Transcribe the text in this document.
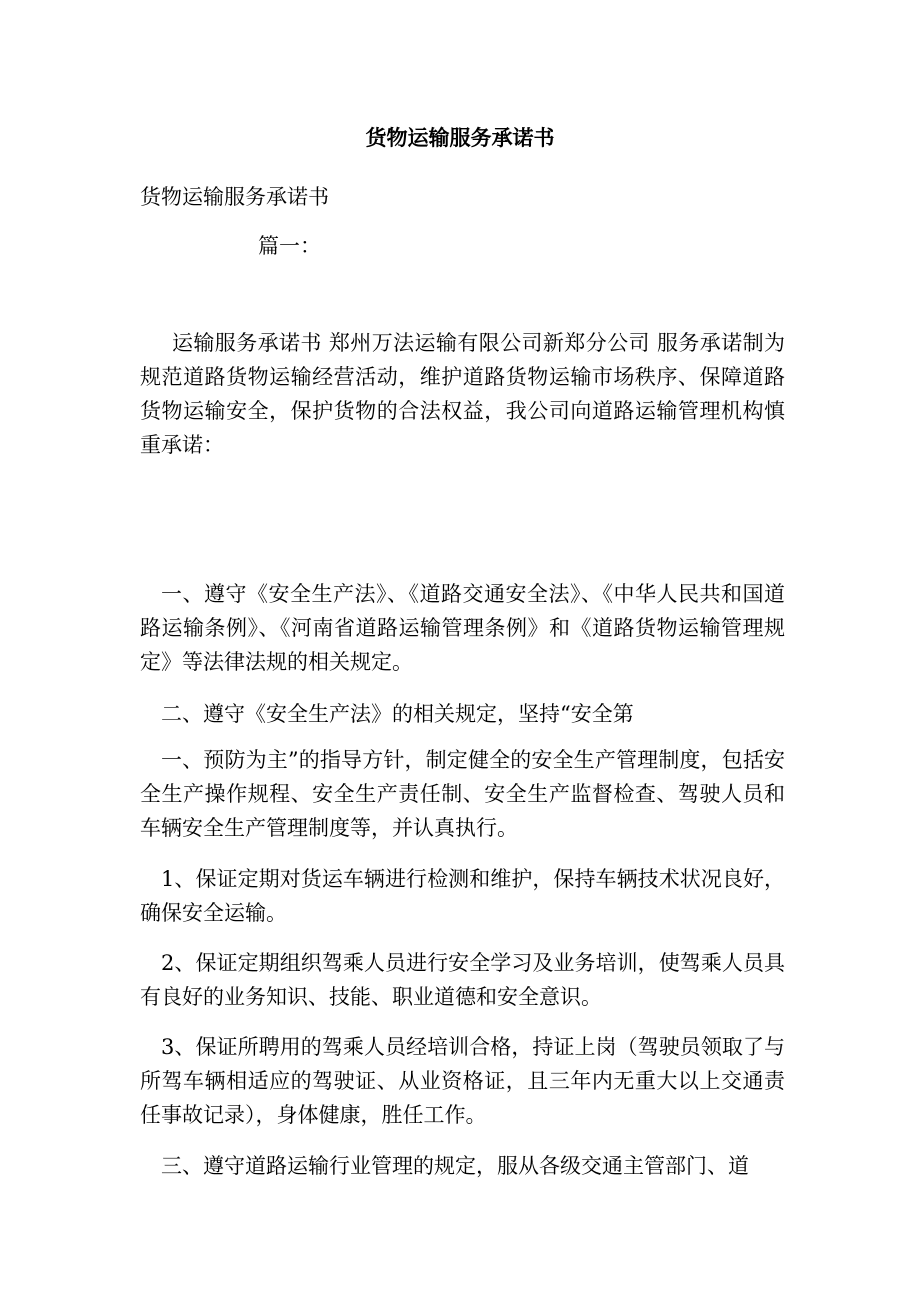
货物运输服务承诺书

货物运输服务承诺书

篇一：

运输服务承诺书 郑州万法运输有限公司新郑分公司 服务承诺制为规范道路货物运输经营活动，维护道路货物运输市场秩序、保障道路货物运输安全，保护货物的合法权益，我公司向道路运输管理机构慎重承诺：

一、遵守《安全生产法》、《道路交通安全法》、《中华人民共和国道路运输条例》、《河南省道路运输管理条例》和《道路货物运输管理规定》等法律法规的相关规定。

二、遵守《安全生产法》的相关规定，坚持“安全第

一、预防为主”的指导方针，制定健全的安全生产管理制度，包括安全生产操作规程、安全生产责任制、安全生产监督检查、驾驶人员和车辆安全生产管理制度等，并认真执行。

1、保证定期对货运车辆进行检测和维护，保持车辆技术状况良好，确保安全运输。

2、保证定期组织驾乘人员进行安全学习及业务培训，使驾乘人员具有良好的业务知识、技能、职业道德和安全意识。

3、保证所聘用的驾乘人员经培训合格，持证上岗（驾驶员领取了与所驾车辆相适应的驾驶证、从业资格证，且三年内无重大以上交通责任事故记录），身体健康，胜任工作。

三、遵守道路运输行业管理的规定，服从各级交通主管部门、道
